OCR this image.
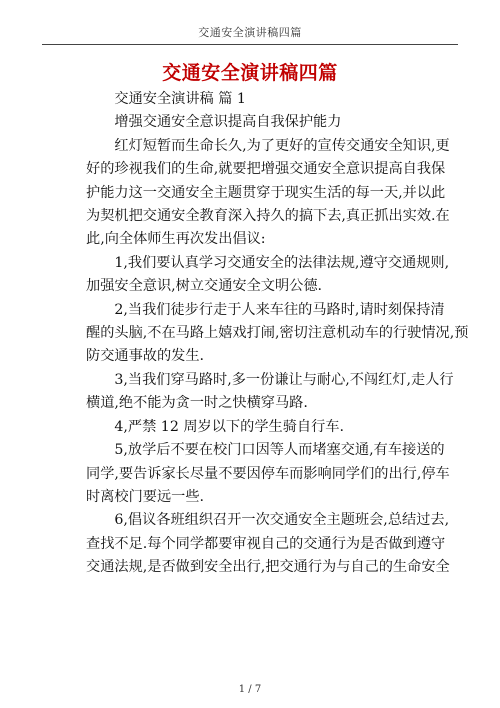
交通安全演讲稿四篇
交通安全演讲稿四篇

交通安全演讲稿 篇 1

增强交通安全意识提高自我保护能力

红灯短暂而生命长久,为了更好的宣传交通安全知识,更
好的珍视我们的生命,就要把增强交通安全意识提高自我保
护能力这一交通安全主题贯穿于现实生活的每一天,并以此
为契机把交通安全教育深入持久的搞下去,真正抓出实效.在
此,向全体师生再次发出倡议:

1,我们要认真学习交通安全的法律法规,遵守交通规则,
加强安全意识,树立交通安全文明公德.

2,当我们徒步行走于人来车往的马路时,请时刻保持清
醒的头脑,不在马路上嬉戏打闹,密切注意机动车的行驶情况,预
防交通事故的发生.

3,当我们穿马路时,多一份谦让与耐心,不闯红灯,走人行
横道,绝不能为贪一时之快横穿马路.

4,严禁 12 周岁以下的学生骑自行车.

5,放学后不要在校门口因等人而堵塞交通,有车接送的
同学,要告诉家长尽量不要因停车而影响同学们的出行,停车
时离校门要远一些.

6,倡议各班组织召开一次交通安全主题班会,总结过去,
查找不足.每个同学都要审视自己的交通行为是否做到遵守
交通法规,是否做到安全出行,把交通行为与自己的生命安全

1 / 7
